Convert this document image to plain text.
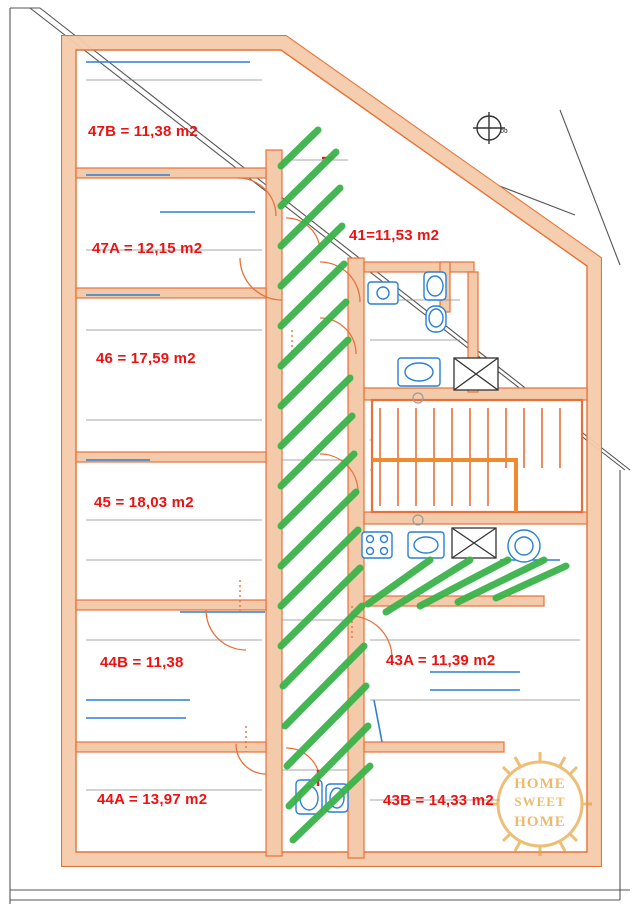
47B = 11,38 m2
47A = 12,15 m2
41=11,53 m2
46 = 17,59 m2
45 = 18,03 m2
44B = 11,38	43A = 11,39 m2
44A = 13,97 m2	43B = 14,33 m2
∞
HOME
SWEET
HOME
